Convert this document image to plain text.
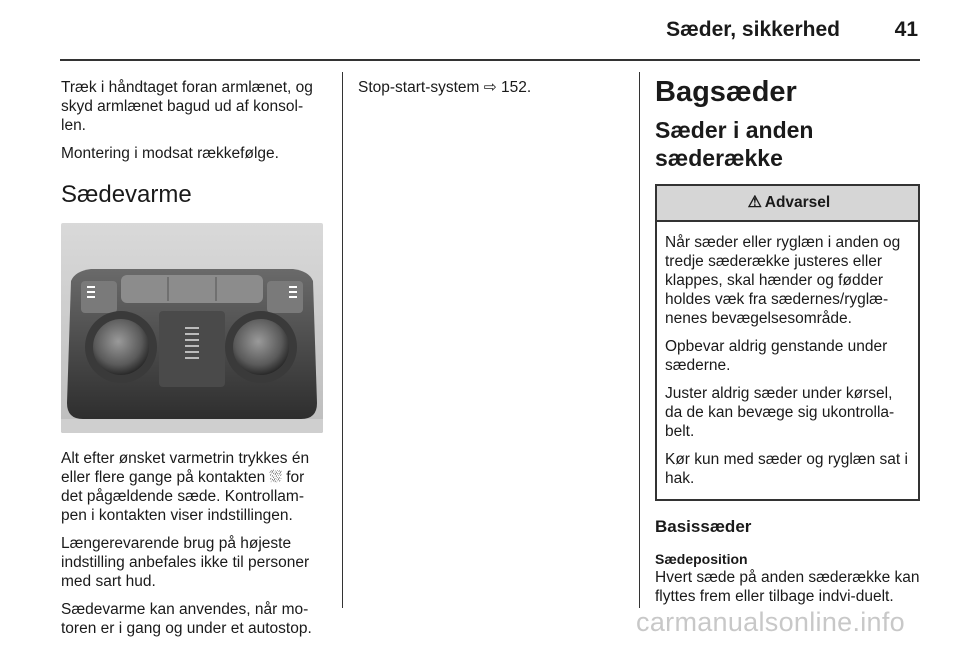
Sæder, sikkerhed	41

Træk i håndtaget foran armlænet, og skyd armlænet bagud ud af konsol-len.

Montering i modsat rækkefølge.

Sædevarme

Alt efter ønsket varmetrin trykkes én eller flere gange på kontakten ⛆ for det pågældende sæde. Kontrollam-pen i kontakten viser indstillingen.

Længerevarende brug på højeste indstilling anbefales ikke til personer med sart hud.

Sædevarme kan anvendes, når mo-toren er i gang og under et autostop.

Stop-start-system ⇨ 152.	Bagsæder
Sæder i anden sæderække
⚠ Advarsel

Når sæder eller ryglæn i anden og tredje sæderække justeres eller klappes, skal hænder og fødder holdes væk fra sædernes/ryglæ-nenes bevægelsesområde.

Opbevar aldrig genstande under sæderne.

Juster aldrig sæder under kørsel, da de kan bevæge sig ukontrolla-belt.

Kør kun med sæder og ryglæn sat i hak.

Basissæder

Sædeposition

Hvert sæde på anden sæderække kan flyttes frem eller tilbage indvi-duelt.

carmanualsonline.info
